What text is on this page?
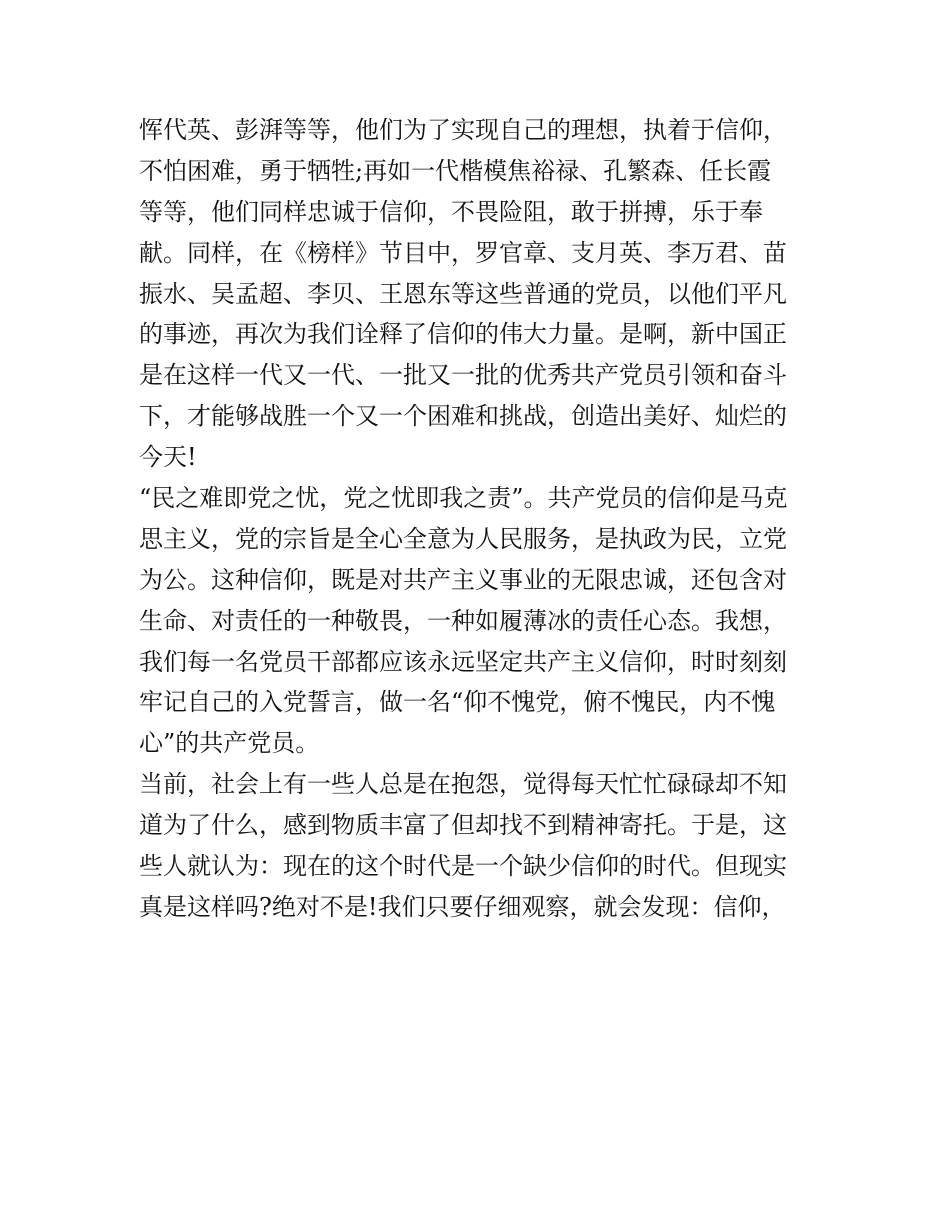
恽代英、彭湃等等，他们为了实现自己的理想，执着于信仰，
不怕困难，勇于牺牲;再如一代楷模焦裕禄、孔繁森、任长霞
等等，他们同样忠诚于信仰，不畏险阻，敢于拼搏，乐于奉
献。同样，在《榜样》节目中，罗官章、支月英、李万君、苗
振水、吴孟超、李贝、王恩东等这些普通的党员，以他们平凡
的事迹，再次为我们诠释了信仰的伟大力量。是啊，新中国正
是在这样一代又一代、一批又一批的优秀共产党员引领和奋斗
下，才能够战胜一个又一个困难和挑战，创造出美好、灿烂的
今天!
“民之难即党之忧，党之忧即我之责”。共产党员的信仰是马克
思主义，党的宗旨是全心全意为人民服务，是执政为民，立党
为公。这种信仰，既是对共产主义事业的无限忠诚，还包含对
生命、对责任的一种敬畏，一种如履薄冰的责任心态。我想，
我们每一名党员干部都应该永远坚定共产主义信仰，时时刻刻
牢记自己的入党誓言，做一名“仰不愧党，俯不愧民，内不愧
心”的共产党员。
当前，社会上有一些人总是在抱怨，觉得每天忙忙碌碌却不知
道为了什么，感到物质丰富了但却找不到精神寄托。于是，这
些人就认为：现在的这个时代是一个缺少信仰的时代。但现实
真是这样吗?绝对不是!我们只要仔细观察，就会发现：信仰，
